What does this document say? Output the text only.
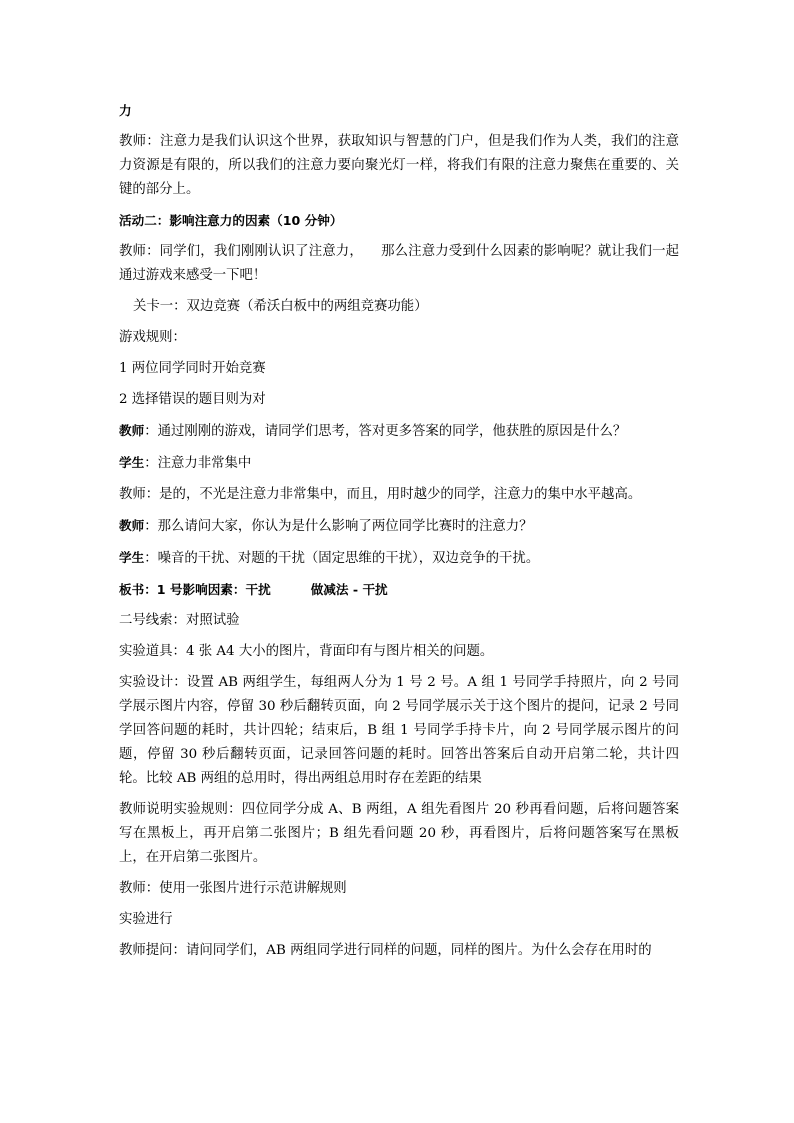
力

教师：注意力是我们认识这个世界，获取知识与智慧的门户，但是我们作为人类，我们的注意力资源是有限的，所以我们的注意力要向聚光灯一样，将我们有限的注意力聚焦在重要的、关键的部分上。

活动二：影响注意力的因素（10 分钟）

教师：同学们，我们刚刚认识了注意力， 那么注意力受到什么因素的影响呢？就让我们一起通过游戏来感受一下吧！

关卡一：双边竞赛（希沃白板中的两组竞赛功能）

游戏规则：

1 两位同学同时开始竞赛

2 选择错误的题目则为对

教师：通过刚刚的游戏，请同学们思考，答对更多答案的同学，他获胜的原因是什么？

学生：注意力非常集中

教师：是的，不光是注意力非常集中，而且，用时越少的同学，注意力的集中水平越高。

教师：那么请问大家，你认为是什么影响了两位同学比赛时的注意力？

学生：噪音的干扰、对题的干扰（固定思维的干扰），双边竞争的干扰。

板书：1 号影响因素：干扰	做减法 - 干扰

二号线索：对照试验

实验道具：4 张 A4 大小的图片，背面印有与图片相关的问题。

实验设计：设置 AB 两组学生，每组两人分为 1 号 2 号。A 组 1 号同学手持照片，向 2 号同学展示图片内容，停留 30 秒后翻转页面，向 2 号同学展示关于这个图片的提问，记录 2 号同学回答问题的耗时，共计四轮；结束后，B 组 1 号同学手持卡片，向 2 号同学展示图片的问题，停留 30 秒后翻转页面，记录回答问题的耗时。回答出答案后自动开启第二轮，共计四轮。比较 AB 两组的总用时，得出两组总用时存在差距的结果

教师说明实验规则：四位同学分成 A、B 两组，A 组先看图片 20 秒再看问题，后将问题答案写在黑板上，再开启第二张图片；B 组先看问题 20 秒，再看图片，后将问题答案写在黑板上，在开启第二张图片。

教师：使用一张图片进行示范讲解规则

实验进行

教师提问：请问同学们，AB 两组同学进行同样的问题，同样的图片。为什么会存在用时的
